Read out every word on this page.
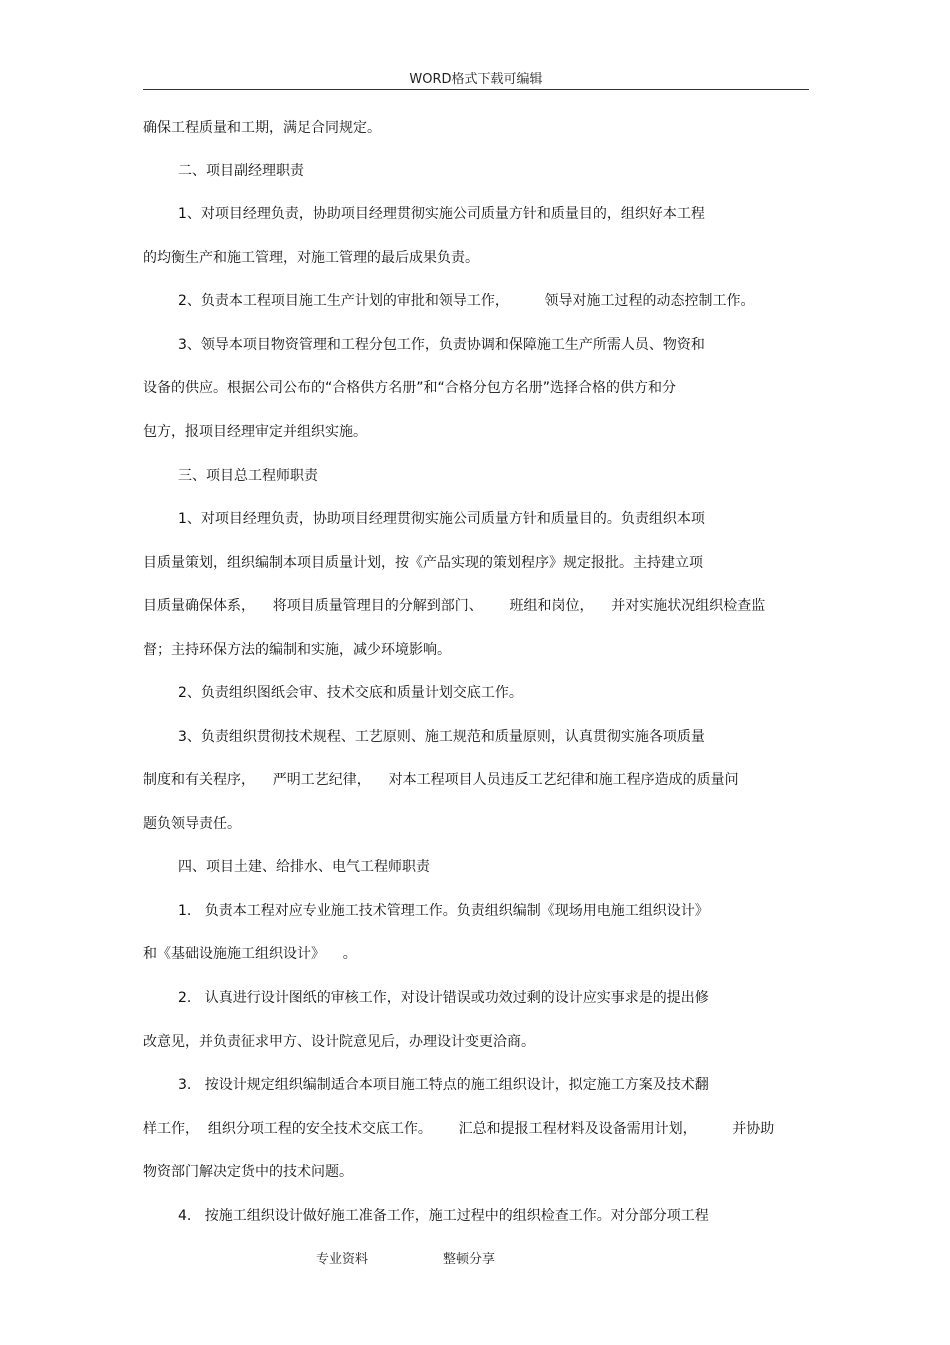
WORD格式下载可编辑
确保工程质量和工期，满足合同规定。
二、项目副经理职责
1、对项目经理负责，协助项目经理贯彻实施公司质量方针和质量目的，组织好本工程
的均衡生产和施工管理，对施工管理的最后成果负责。
2、负责本工程项目施工生产计划的审批和领导工作，        领导对施工过程的动态控制工作。
3、领导本项目物资管理和工程分包工作，负责协调和保障施工生产所需人员、物资和
设备的供应。根据公司公布的“合格供方名册”和“合格分包方名册”选择合格的供方和分
包方，报项目经理审定并组织实施。
三、项目总工程师职责
1、对项目经理负责，协助项目经理贯彻实施公司质量方针和质量目的。负责组织本项
目质量策划，组织编制本项目质量计划，按《产品实现的策划程序》规定报批。主持建立项
目质量确保体系，    将项目质量管理目的分解到部门、      班组和岗位，    并对实施状况组织检查监
督；主持环保方法的编制和实施，减少环境影响。
2、负责组织图纸会审、技术交底和质量计划交底工作。
3、负责组织贯彻技术规程、工艺原则、施工规范和质量原则，认真贯彻实施各项质量
制度和有关程序，    严明工艺纪律，    对本工程项目人员违反工艺纪律和施工程序造成的质量问
题负领导责任。
四、项目土建、给排水、电气工程师职责
1.   负责本工程对应专业施工技术管理工作。负责组织编制《现场用电施工组织设计》
和《基础设施施工组织设计》    。
2.   认真进行设计图纸的审核工作，对设计错误或功效过剩的设计应实事求是的提出修
改意见，并负责征求甲方、设计院意见后，办理设计变更洽商。
3.   按设计规定组织编制适合本项目施工特点的施工组织设计，拟定施工方案及技术翻
样工作，  组织分项工程的安全技术交底工作。      汇总和提报工程材料及设备需用计划，        并协助
物资部门解决定货中的技术问题。
4.   按施工组织设计做好施工准备工作，施工过程中的组织检查工作。对分部分项工程
专业资料	整顿分享
